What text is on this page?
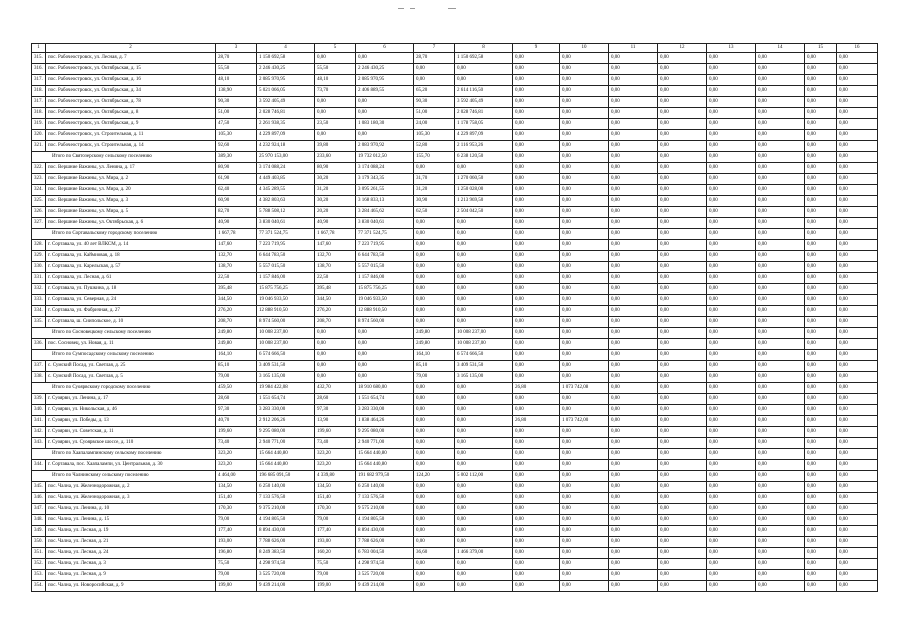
1	2	3	4	5	6	7	8	9	10	11	12	13	14	15	16
315.	пос. Рабочеостровск, ул. Лесная, д. 7	28,70	1 150 692,58	0,00	0,00	28,70	1 150 692,58	0,00	0,00	0,00	0,00	0,00	0,00	0,00	0,00
316.	пос. Рабочеостровск, ул. Октябрьская, д. 15	55,50	2 246 430,25	55,50	2 246 430,25	0,00	0,00	0,00	0,00	0,00	0,00	0,00	0,00	0,00	0,00
317.	пос. Рабочеостровск, ул. Октябрьская, д. 16	48,10	2 085 970,95	48,10	2 085 970,95	0,00	0,00	0,00	0,00	0,00	0,00	0,00	0,00	0,00	0,00
318.	пос. Рабочеостровск, ул. Октябрьская, д. 34	138,90	5 021 066,05	73,70	2 406 889,55	65,20	2 614 116,50	0,00	0,00	0,00	0,00	0,00	0,00	0,00	0,00
317.	пос. Рабочеостровск, ул. Октябрьская, д. 78	90,30	3 592 405,49	0,00	0,00	90,30	3 592 405,49	0,00	0,00	0,00	0,00	0,00	0,00	0,00	0,00
318.	пос. Рабочеостровск, ул. Октябрьская, д. 8	51,00	2 028 746,81	0,00	0,00	51,00	2 028 746,81	0,00	0,00	0,00	0,00	0,00	0,00	0,00	0,00
319.	пос. Рабочеостровск, ул. Октябрьская, д. 9	47,50	2 261 938,35	23,50	1 083 180,30	24,00	1 178 758,05	0,00	0,00	0,00	0,00	0,00	0,00	0,00	0,00
320.	пос. Рабочеостровск, ул. Строительная, д. 11	105,30	4 229 897,09	0,00	0,00	105,30	4 229 897,09	0,00	0,00	0,00	0,00	0,00	0,00	0,00	0,00
321.	пос. Рабочеостровск, ул. Строительная, д. 14	92,60	4 232 924,18	39,80	2 083 970,92	52,80	2 116 953,26	0,00	0,00	0,00	0,00	0,00	0,00	0,00	0,00
Итого по Святозерскому сельскому поселению		389,30	25 970 153,00	233,60	19 732 012,50	155,70	6 238 120,50	0,00	0,00	0,00	0,00	0,00	0,00	0,00	0,00
322.	пос. Вершние Важины, ул. Ленина, д. 17	80,90	3 174 088,24	80,90	3 174 088,24	0,00	0,00	0,00	0,00	0,00	0,00	0,00	0,00	0,00	0,00
323.	пос. Вершние Важины, ул. Мира, д. 2	61,90	4 449 403,85	30,20	3 179 343,35	31,70	1 270 060,50	0,00	0,00	0,00	0,00	0,00	0,00	0,00	0,00
324.	пос. Вершние Важины, ул. Мира, д. 20	62,40	4 345 289,55	31,20	3 095 261,55	31,20	1 250 028,00	0,00	0,00	0,00	0,00	0,00	0,00	0,00	0,00
325.	пос. Вершние Важины, ул. Мира, д. 3	60,90	4 382 803,63	30,20	3 168 833,13	30,90	1 213 969,50	0,00	0,00	0,00	0,00	0,00	0,00	0,00	0,00
326.	пос. Вершние Важины, ул. Мира, д. 5	82,70	5 788 508,12	20,20	3 284 465,62	62,50	2 504 042,50	0,00	0,00	0,00	0,00	0,00	0,00	0,00	0,00
327.	пос. Вершние Важины, ул. Октябрьская, д. 6	40,90	3 830 040,61	40,90	3 830 040,61	0,00	0,00	0,00	0,00	0,00	0,00	0,00	0,00	0,00	0,00
Итого по Сортавальскому городскому поселению		1 667,78	77 371 524,75	1 667,78	77 371 524,75	0,00	0,00	0,00	0,00	0,00	0,00	0,00	0,00	0,00	0,00
328.	г. Сортавала, ул. 40 лет ВЛКСМ, д. 14	147,60	7 223 719,95	147,60	7 223 719,95	0,00	0,00	0,00	0,00	0,00	0,00	0,00	0,00	0,00	0,00
329.	г. Сортавала, ул. Каймиовая, д. 18	132,70	6 644 783,50	132,70	6 644 783,50	0,00	0,00	0,00	0,00	0,00	0,00	0,00	0,00	0,00	0,00
330.	г. Сортавала, ул. Карельская, д. 57	138,70	5 557 015,50	138,70	5 557 015,50	0,00	0,00	0,00	0,00	0,00	0,00	0,00	0,00	0,00	0,00
331.	г. Сортавала, ул. Лесная, д. 61	22,50	1 157 846,00	22,50	1 157 846,00	0,00	0,00	0,00	0,00	0,00	0,00	0,00	0,00	0,00	0,00
332.	г. Сортавала, ул. Пушкина, д. 18	395,48	15 875 756,25	395,48	15 875 756,25	0,00	0,00	0,00	0,00	0,00	0,00	0,00	0,00	0,00	0,00
333.	г. Сортавала, ул. Северная, д. 24	344,50	19 046 933,50	344,50	19 046 933,50	0,00	0,00	0,00	0,00	0,00	0,00	0,00	0,00	0,00	0,00
334.	г. Сортавала, ул. Фабричная, д. 27	276,20	12 888 910,50	276,20	12 888 910,50	0,00	0,00	0,00	0,00	0,00	0,00	0,00	0,00	0,00	0,00
335.	г. Сортавала, ш. Сиипольское, д. 10	208,70	8 974 560,00	208,70	8 974 560,00	0,00	0,00	0,00	0,00	0,00	0,00	0,00	0,00	0,00	0,00
Итого по Сосновецкому сельскому поселению		249,80	10 008 237,00	0,00	0,00	249,80	10 008 237,00	0,00	0,00	0,00	0,00	0,00	0,00	0,00	0,00
336.	пос. Сосновец, ул. Новая, д. 11	249,80	10 008 237,00	0,00	0,00	249,80	10 008 237,00	0,00	0,00	0,00	0,00	0,00	0,00	0,00	0,00
Итого по Сумпосадскому сельскому поселению		164,10	6 574 666,50	0,00	0,00	164,10	6 574 666,50	0,00	0,00	0,00	0,00	0,00	0,00	0,00	0,00
337.	с. Сумский Посад, ул. Светлая, д. 25	85,10	3 409 531,50	0,00	0,00	85,10	3 409 531,50	0,00	0,00	0,00	0,00	0,00	0,00	0,00	0,00
338.	с. Сумский Посад, ул. Светлая, д. 5	79,00	3 165 135,00	0,00	0,00	79,00	3 165 135,00	0,00	0,00	0,00	0,00	0,00	0,00	0,00	0,00
Итого по Суоярвскому городскому поселению		459,50	19 984 422,08	432,70	18 910 680,00	0,00	0,00	26,80	1 073 742,08	0,00	0,00	0,00	0,00	0,00	0,00
339.	г. Суоярви, ул. Ленина, д. 17	28,60	1 551 654,74	28,60	1 551 654,74	0,00	0,00	0,00	0,00	0,00	0,00	0,00	0,00	0,00	0,00
340.	г. Суоярви, ул. Никольская, д. 46	97,30	3 283 330,00	97,30	3 283 330,00	0,00	0,00	0,00	0,00	0,00	0,00	0,00	0,00	0,00	0,00
341.	г. Суоярви, ул. Победы, д. 13	40,70	2 912 206,26	13,90	1 838 464,26	0,00	0,00	26,80	1 073 742,00	0,00	0,00	0,00	0,00	0,00	0,00
342.	г. Суоярви, ул. Советская, д. 11	199,60	9 295 080,00	199,60	9 295 080,00	0,00	0,00	0,00	0,00	0,00	0,00	0,00	0,00	0,00	0,00
343.	г. Суоярви, ул. Суоярвское шоссе, д. 110	73,40	2 940 771,00	73,40	2 940 771,00	0,00	0,00	0,00	0,00	0,00	0,00	0,00	0,00	0,00	0,00
Итого по Хаапалампинскому сельскому поселению		323,20	15 664 440,80	323,20	15 664 440,80	0,00	0,00	0,00	0,00	0,00	0,00	0,00	0,00	0,00	0,00
344.	г. Сортавала, пос. Хаапалампи, ул. Центральная, д. 30	323,20	15 664 440,80	323,20	15 664 440,80	0,00	0,00	0,00	0,00	0,00	0,00	0,00	0,00	0,00	0,00
Итого по Чалнинскому сельскому поселению		4 464,00	196 685 091,50	4 339,80	191 682 979,50	124,20	5 002 112,00	0,00	0,00	0,00	0,00	0,00	0,00	0,00	0,00
345.	пос. Чална, ул. Железнодорожная, д. 2	134,50	6 250 140,00	134,50	6 250 140,00	0,00	0,00	0,00	0,00	0,00	0,00	0,00	0,00	0,00	0,00
346.	пос. Чална, ул. Железнодорожная, д. 3	151,40	7 133 576,50	151,40	7 133 576,50	0,00	0,00	0,00	0,00	0,00	0,00	0,00	0,00	0,00	0,00
347.	пос. Чална, ул. Ленина, д. 10	170,30	9 375 210,00	170,30	9 575 210,00	0,00	0,00	0,00	0,00	0,00	0,00	0,00	0,00	0,00	0,00
348.	пос. Чална, ул. Ленина, д. 15	79,00	4 194 805,50	79,00	4 194 805,50	0,00	0,00	0,00	0,00	0,00	0,00	0,00	0,00	0,00	0,00
349.	пос. Чална, ул. Лесная, д. 19	177,40	8 894 430,00	177,40	8 894 430,00	0,00	0,00	0,00	0,00	0,00	0,00	0,00	0,00	0,00	0,00
350.	пос. Чална, ул. Лесная, д. 21	193,00	7 788 626,00	193,00	7 788 626,00	0,00	0,00	0,00	0,00	0,00	0,00	0,00	0,00	0,00	0,00
351.	пос. Чална, ул. Лесная, д. 24	196,80	8 249 383,50	160,20	6 783 004,50	36,60	1 466 379,00	0,00	0,00	0,00	0,00	0,00	0,00	0,00	0,00
352.	пос. Чална, ул. Лесная, д. 3	75,50	4 298 974,50	75,50	4 298 974,50	0,00	0,00	0,00	0,00	0,00	0,00	0,00	0,00	0,00	0,00
353.	пос. Чална, ул. Лесная, д. 9	79,00	3 525 720,00	79,00	3 525 720,00	0,00	0,00	0,00	0,00	0,00	0,00	0,00	0,00	0,00	0,00
354.	пос. Чална, ул. Новоросийская, д. 9	199,00	9 439 214,00	199,00	9 439 214,00	0,00	0,00	0,00	0,00	0,00	0,00	0,00	0,00	0,00	0,00
